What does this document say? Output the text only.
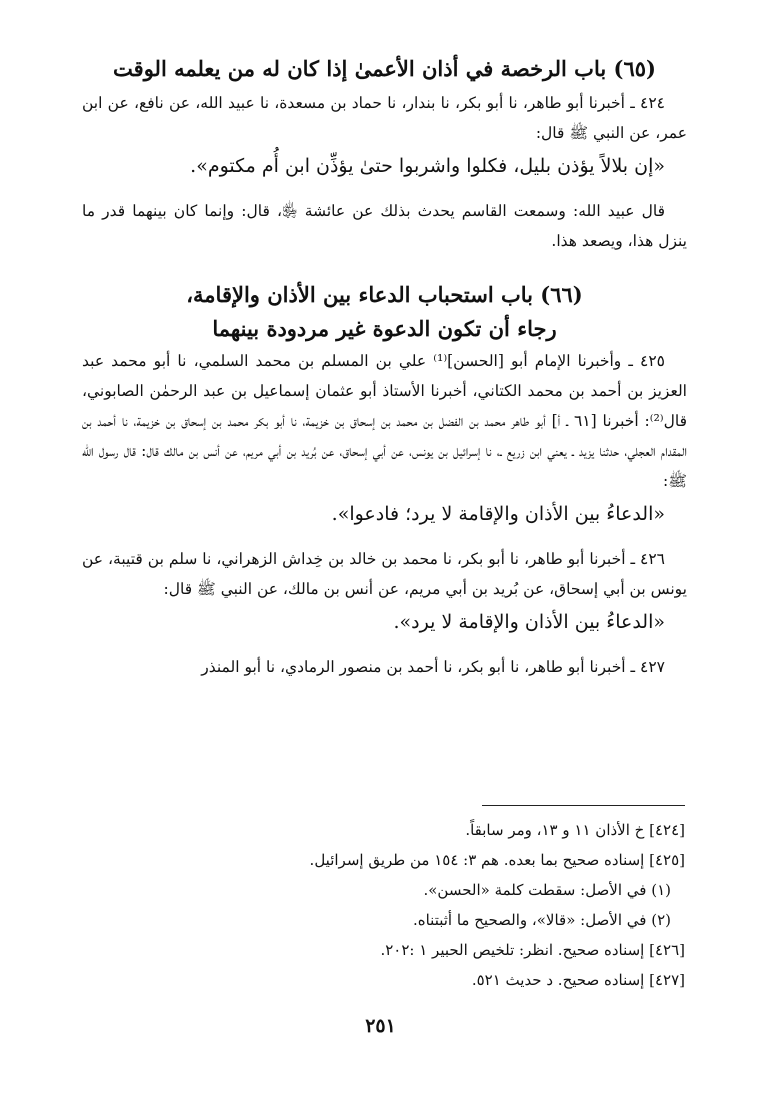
(٦٥) باب الرخصة في أذان الأعمىٰ إذا كان له من يعلمه الوقت

٤٢٤ ـ أخبرنا أبو طاهر، نا أبو بكر، نا بندار، نا حماد بن مسعدة، نا عبيد الله، عن نافع، عن ابن عمر، عن النبي ﷺ قال:

«إن بلالاً يؤذن بليل، فكلوا واشربوا حتىٰ يؤذِّن ابن أُم مكتوم».

قال عبيد الله: وسمعت القاسم يحدث بذلك عن عائشة ﵂، قال: وإنما كان بينهما قدر ما ينزل هذا، ويصعد هذا.

(٦٦) باب استحباب الدعاء بين الأذان والإقامة،

رجاء أن تكون الدعوة غير مردودة بينهما

٤٢٥ ـ وأخبرنا الإمام أبو [الحسن]⁽¹⁾ علي بن المسلم بن محمد السلمي، نا أبو محمد عبد العزيز بن أحمد بن محمد الكتاني، أخبرنا الأستاذ أبو عثمان إسماعيل بن عبد الرحمٰن الصابوني، قال⁽²⁾: أخبرنا [٦١ ـ أ] أبو طاهر محمد بن الفضل بن محمد بن إسحاق بن خزيمة، نا أبو بكر محمد بن إسحاق بن خزيمة، نا أحمد بن المقدام العجلي، حدثنا يزيد ـ يعني ابن زريع ـ، نا إسرائيل بن يونس، عن أبي إسحاق، عن بُريد بن أبي مريم، عن أنس بن مالك قال: قال رسول الله ﷺ:

«الدعاءُ بين الأذان والإقامة لا يرد؛ فادعوا».

٤٢٦ ـ أخبرنا أبو طاهر، نا أبو بكر، نا محمد بن خالد بن خِداش الزهراني، نا سلم بن قتيبة، عن يونس بن أبي إسحاق، عن بُريد بن أبي مريم، عن أنس بن مالك، عن النبي ﷺ قال:

«الدعاءُ بين الأذان والإقامة لا يرد».

٤٢٧ ـ أخبرنا أبو طاهر، نا أبو بكر، نا أحمد بن منصور الرمادي، نا أبو المنذر

[٤٢٤] خ الأذان ١١ و ١٣، ومر سابقاً.

[٤٢٥] إسناده صحيح بما بعده. هم ٣: ١٥٤ من طريق إسرائيل.

(١) في الأصل: سقطت كلمة «الحسن».

(٢) في الأصل: «قالا»، والصحيح ما أثبتناه.

[٤٢٦] إسناده صحيح. انظر: تلخيص الحبير ١ :٢٠٢.

[٤٢٧] إسناده صحيح. د حديث ٥٢١.

٢٥١
